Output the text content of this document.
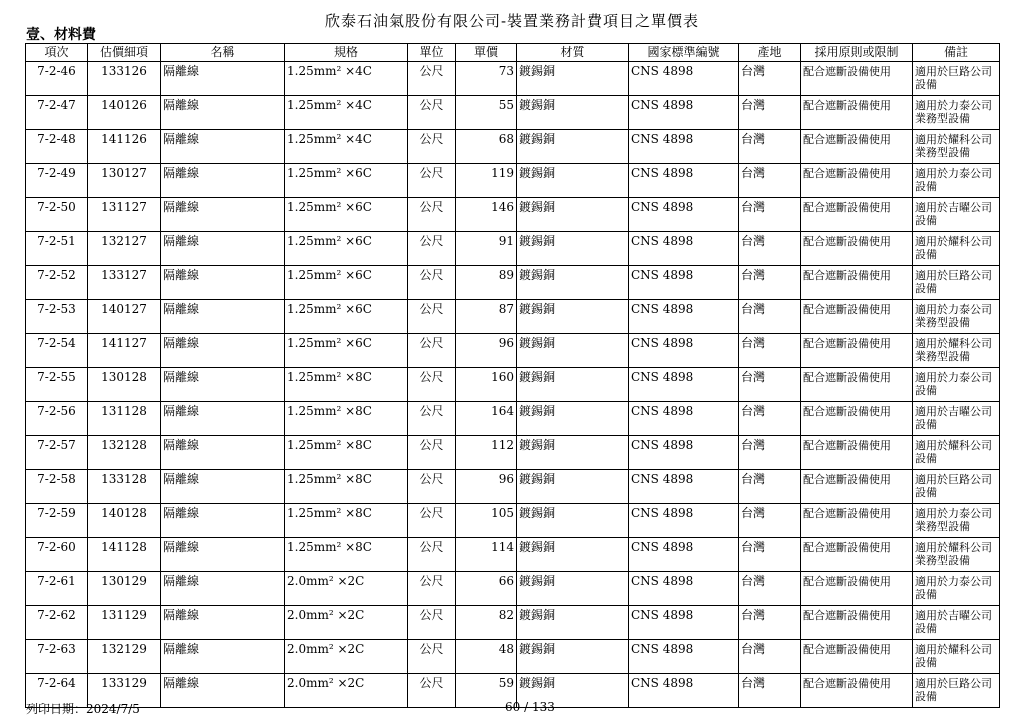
欣泰石油氣股份有限公司-裝置業務計費項目之單價表
壹、材料費
項次	估價細項	名稱	規格	單位	單價	材質	國家標準編號	產地	採用原則或限制	備註
7-2-46	133126	隔離線	1.25mm² ×4C	公尺	73	鍍錫銅	CNS 4898	台灣	配合遮斷設備使用	適用於巨路公司設備
7-2-47	140126	隔離線	1.25mm² ×4C	公尺	55	鍍錫銅	CNS 4898	台灣	配合遮斷設備使用	適用於力泰公司業務型設備
7-2-48	141126	隔離線	1.25mm² ×4C	公尺	68	鍍錫銅	CNS 4898	台灣	配合遮斷設備使用	適用於耀科公司業務型設備
7-2-49	130127	隔離線	1.25mm² ×6C	公尺	119	鍍錫銅	CNS 4898	台灣	配合遮斷設備使用	適用於力泰公司設備
7-2-50	131127	隔離線	1.25mm² ×6C	公尺	146	鍍錫銅	CNS 4898	台灣	配合遮斷設備使用	適用於吉曜公司設備
7-2-51	132127	隔離線	1.25mm² ×6C	公尺	91	鍍錫銅	CNS 4898	台灣	配合遮斷設備使用	適用於耀科公司設備
7-2-52	133127	隔離線	1.25mm² ×6C	公尺	89	鍍錫銅	CNS 4898	台灣	配合遮斷設備使用	適用於巨路公司設備
7-2-53	140127	隔離線	1.25mm² ×6C	公尺	87	鍍錫銅	CNS 4898	台灣	配合遮斷設備使用	適用於力泰公司業務型設備
7-2-54	141127	隔離線	1.25mm² ×6C	公尺	96	鍍錫銅	CNS 4898	台灣	配合遮斷設備使用	適用於耀科公司業務型設備
7-2-55	130128	隔離線	1.25mm² ×8C	公尺	160	鍍錫銅	CNS 4898	台灣	配合遮斷設備使用	適用於力泰公司設備
7-2-56	131128	隔離線	1.25mm² ×8C	公尺	164	鍍錫銅	CNS 4898	台灣	配合遮斷設備使用	適用於吉曜公司設備
7-2-57	132128	隔離線	1.25mm² ×8C	公尺	112	鍍錫銅	CNS 4898	台灣	配合遮斷設備使用	適用於耀科公司設備
7-2-58	133128	隔離線	1.25mm² ×8C	公尺	96	鍍錫銅	CNS 4898	台灣	配合遮斷設備使用	適用於巨路公司設備
7-2-59	140128	隔離線	1.25mm² ×8C	公尺	105	鍍錫銅	CNS 4898	台灣	配合遮斷設備使用	適用於力泰公司業務型設備
7-2-60	141128	隔離線	1.25mm² ×8C	公尺	114	鍍錫銅	CNS 4898	台灣	配合遮斷設備使用	適用於耀科公司業務型設備
7-2-61	130129	隔離線	2.0mm² ×2C	公尺	66	鍍錫銅	CNS 4898	台灣	配合遮斷設備使用	適用於力泰公司設備
7-2-62	131129	隔離線	2.0mm² ×2C	公尺	82	鍍錫銅	CNS 4898	台灣	配合遮斷設備使用	適用於吉曜公司設備
7-2-63	132129	隔離線	2.0mm² ×2C	公尺	48	鍍錫銅	CNS 4898	台灣	配合遮斷設備使用	適用於耀科公司設備
7-2-64	133129	隔離線	2.0mm² ×2C	公尺	59	鍍錫銅	CNS 4898	台灣	配合遮斷設備使用	適用於巨路公司設備
列印日期：2024/7/5	60 / 133
